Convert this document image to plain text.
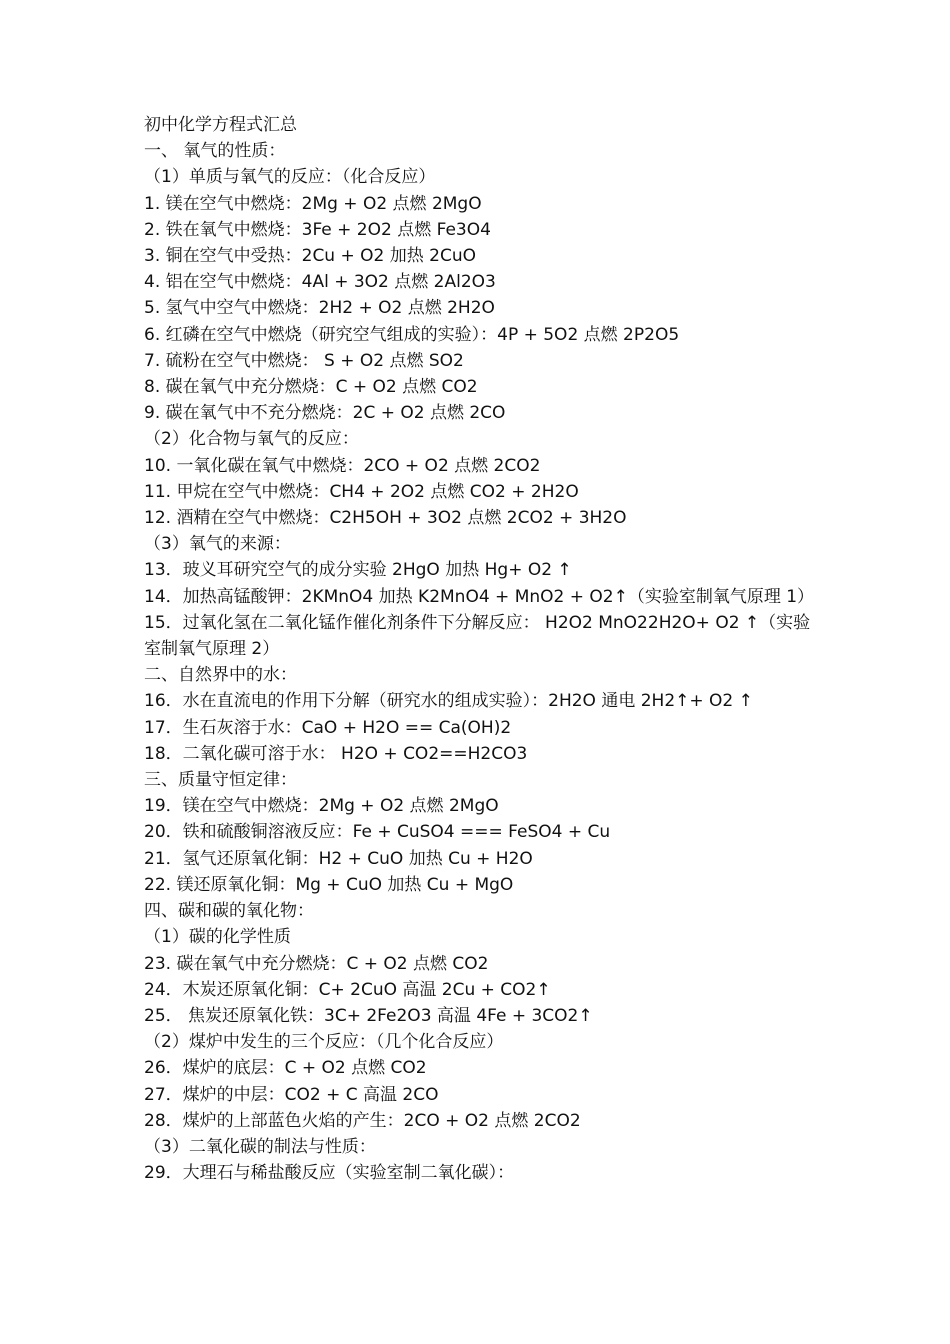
初中化学方程式汇总

一、 氧气的性质：

（1）单质与氧气的反应：（化合反应）

1. 镁在空气中燃烧：2Mg + O2 点燃 2MgO

2. 铁在氧气中燃烧：3Fe + 2O2 点燃 Fe3O4

3. 铜在空气中受热：2Cu + O2 加热 2CuO

4. 铝在空气中燃烧：4Al + 3O2 点燃 2Al2O3

5. 氢气中空气中燃烧：2H2 + O2 点燃 2H2O

6. 红磷在空气中燃烧（研究空气组成的实验）：4P + 5O2 点燃 2P2O5

7. 硫粉在空气中燃烧： S + O2 点燃 SO2

8. 碳在氧气中充分燃烧：C + O2 点燃 CO2

9. 碳在氧气中不充分燃烧：2C + O2 点燃 2CO

（2）化合物与氧气的反应：

10. 一氧化碳在氧气中燃烧：2CO + O2 点燃 2CO2

11. 甲烷在空气中燃烧：CH4 + 2O2 点燃 CO2 + 2H2O

12. 酒精在空气中燃烧：C2H5OH + 3O2 点燃 2CO2 + 3H2O

（3）氧气的来源：

13．玻义耳研究空气的成分实验 2HgO 加热 Hg+ O2 ↑

14．加热高锰酸钾：2KMnO4 加热 K2MnO4 + MnO2 + O2↑（实验室制氧气原理 1）

15．过氧化氢在二氧化锰作催化剂条件下分解反应： H2O2 MnO22H2O+ O2 ↑（实验室制氧气原理 2）

二、自然界中的水：

16．水在直流电的作用下分解（研究水的组成实验）：2H2O 通电 2H2↑+ O2 ↑

17．生石灰溶于水：CaO + H2O == Ca(OH)2

18．二氧化碳可溶于水： H2O + CO2==H2CO3

三、质量守恒定律：

19．镁在空气中燃烧：2Mg + O2 点燃 2MgO

20．铁和硫酸铜溶液反应：Fe + CuSO4 === FeSO4 + Cu

21．氢气还原氧化铜：H2 + CuO 加热 Cu + H2O

22. 镁还原氧化铜：Mg + CuO 加热 Cu + MgO

四、碳和碳的氧化物：

（1）碳的化学性质

23. 碳在氧气中充分燃烧：C + O2 点燃 CO2

24．木炭还原氧化铜：C+ 2CuO 高温 2Cu + CO2↑

25． 焦炭还原氧化铁：3C+ 2Fe2O3 高温 4Fe + 3CO2↑

（2）煤炉中发生的三个反应：（几个化合反应）

26．煤炉的底层：C + O2 点燃 CO2

27．煤炉的中层：CO2 + C 高温 2CO

28．煤炉的上部蓝色火焰的产生：2CO + O2 点燃 2CO2

（3）二氧化碳的制法与性质：

29．大理石与稀盐酸反应（实验室制二氧化碳）：
